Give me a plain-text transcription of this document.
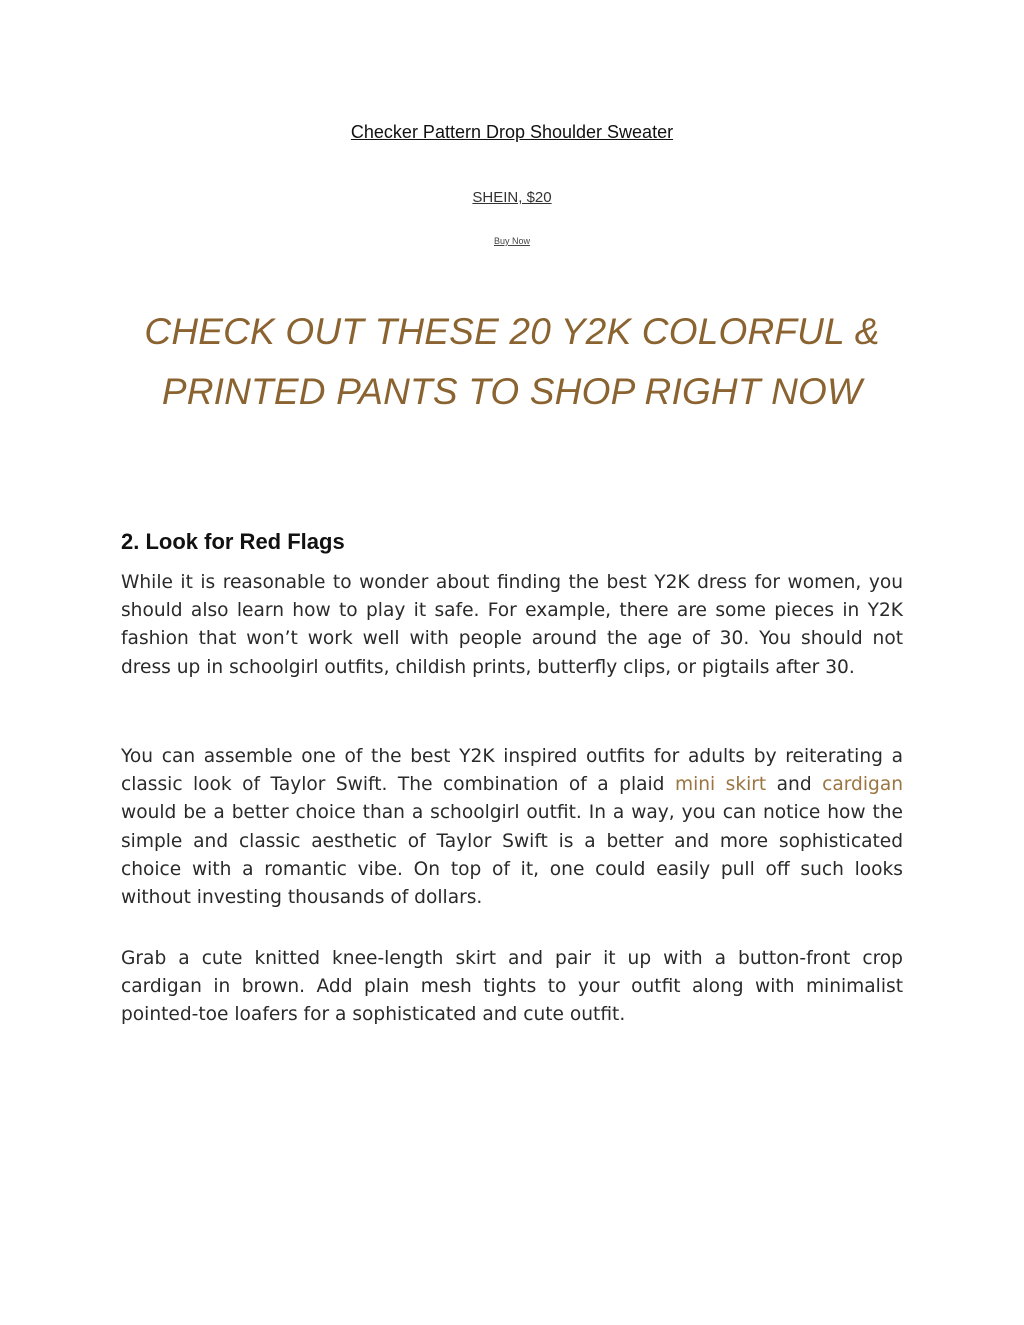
Checker Pattern Drop Shoulder Sweater
SHEIN, $20
Buy Now
CHECK OUT THESE 20 Y2K COLORFUL &
PRINTED PANTS TO SHOP RIGHT NOW
2. Look for Red Flags

While it is reasonable to wonder about finding the best Y2K dress for women, you should also learn how to play it safe. For example, there are some pieces in Y2K fashion that won’t work well with people around the age of 30. You should not dress up in schoolgirl outfits, childish prints, butterfly clips, or pigtails after 30.

You can assemble one of the best Y2K inspired outfits for adults by reiterating a classic look of Taylor Swift. The combination of a plaid mini skirt and cardigan would be a better choice than a schoolgirl outfit. In a way, you can notice how the simple and classic aesthetic of Taylor Swift is a better and more sophisticated choice with a romantic vibe. On top of it, one could easily pull off such looks without investing thousands of dollars.

Grab a cute knitted knee-length skirt and pair it up with a button-front crop cardigan in brown. Add plain mesh tights to your outfit along with minimalist pointed-toe loafers for a sophisticated and cute outfit.
